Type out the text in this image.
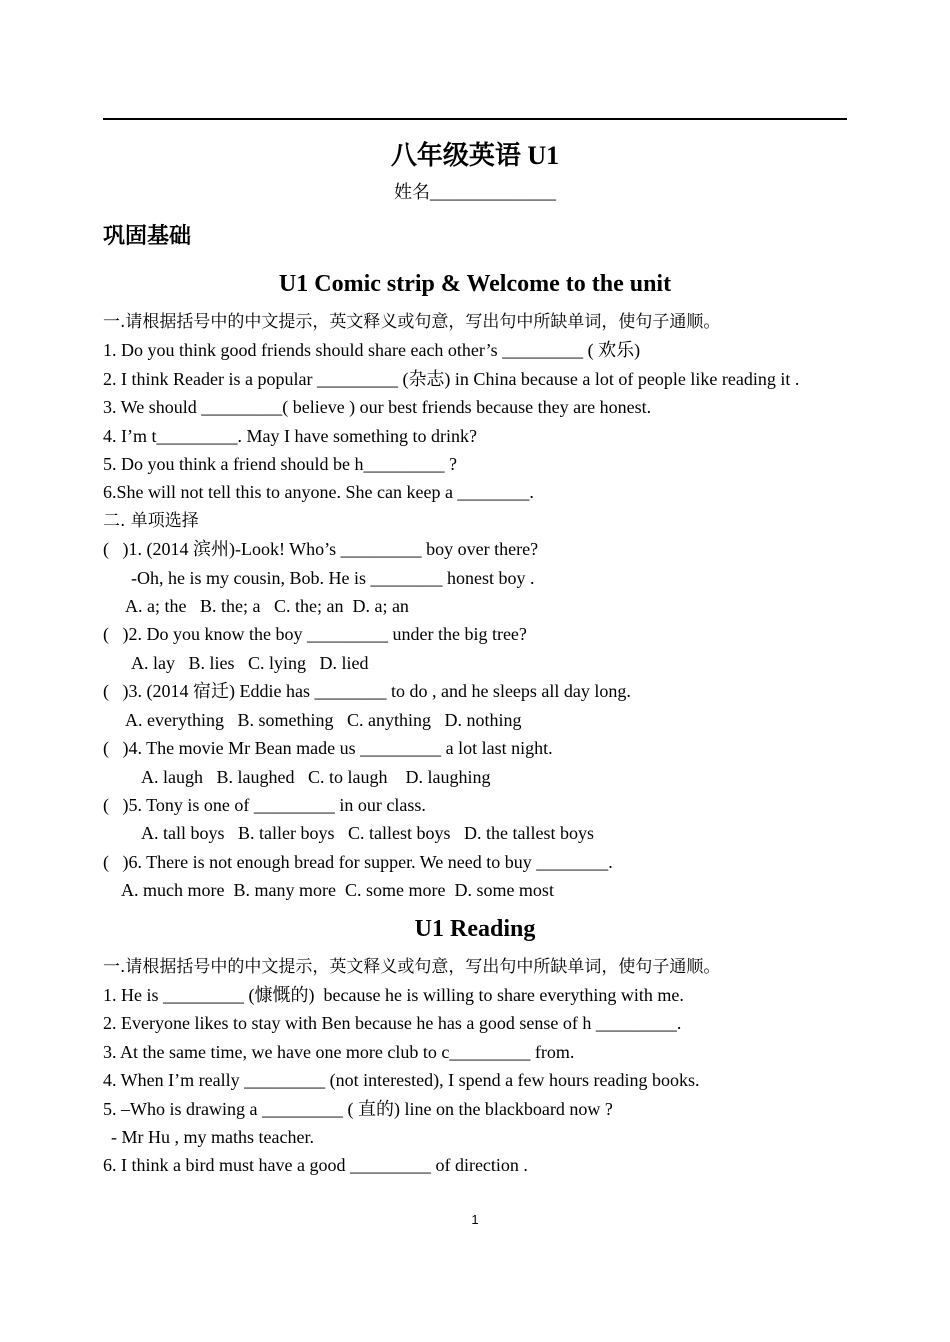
八年级英语 U1
姓名______________
巩固基础
U1 Comic strip & Welcome to the unit
一.请根据括号中的中文提示，英文释义或句意，写出句中所缺单词，使句子通顺。
1. Do you think good friends should share each other’s _________ ( 欢乐)
2. I think Reader is a popular _________ (杂志) in China because a lot of people like reading it .
3. We should _________( believe ) our best friends because they are honest.
4. I’m t_________. May I have something to drink?
5. Do you think a friend should be h_________ ?
6.She will not tell this to anyone. She can keep a ________.
二. 单项选择
(   )1. (2014 滨州)-Look! Who’s _________ boy over there?
-Oh, he is my cousin, Bob. He is ________ honest boy .
A. a; the   B. the; a   C. the; an  D. a; an
(   )2. Do you know the boy _________ under the big tree?
A. lay   B. lies   C. lying   D. lied
(   )3. (2014 宿迁) Eddie has ________ to do , and he sleeps all day long.
A. everything   B. something   C. anything   D. nothing
(   )4. The movie Mr Bean made us _________ a lot last night.
A. laugh   B. laughed   C. to laugh    D. laughing
(   )5. Tony is one of _________ in our class.
A. tall boys   B. taller boys   C. tallest boys   D. the tallest boys
(   )6. There is not enough bread for supper. We need to buy ________.
A. much more  B. many more  C. some more  D. some most
U1 Reading
一.请根据括号中的中文提示，英文释义或句意，写出句中所缺单词，使句子通顺。
1. He is _________ (慷慨的)  because he is willing to share everything with me.
2. Everyone likes to stay with Ben because he has a good sense of h _________.
3. At the same time, we have one more club to c_________ from.
4. When I’m really _________ (not interested), I spend a few hours reading books.
5. –Who is drawing a _________ ( 直的) line on the blackboard now ?
- Mr Hu , my maths teacher.
6. I think a bird must have a good _________ of direction .
1
